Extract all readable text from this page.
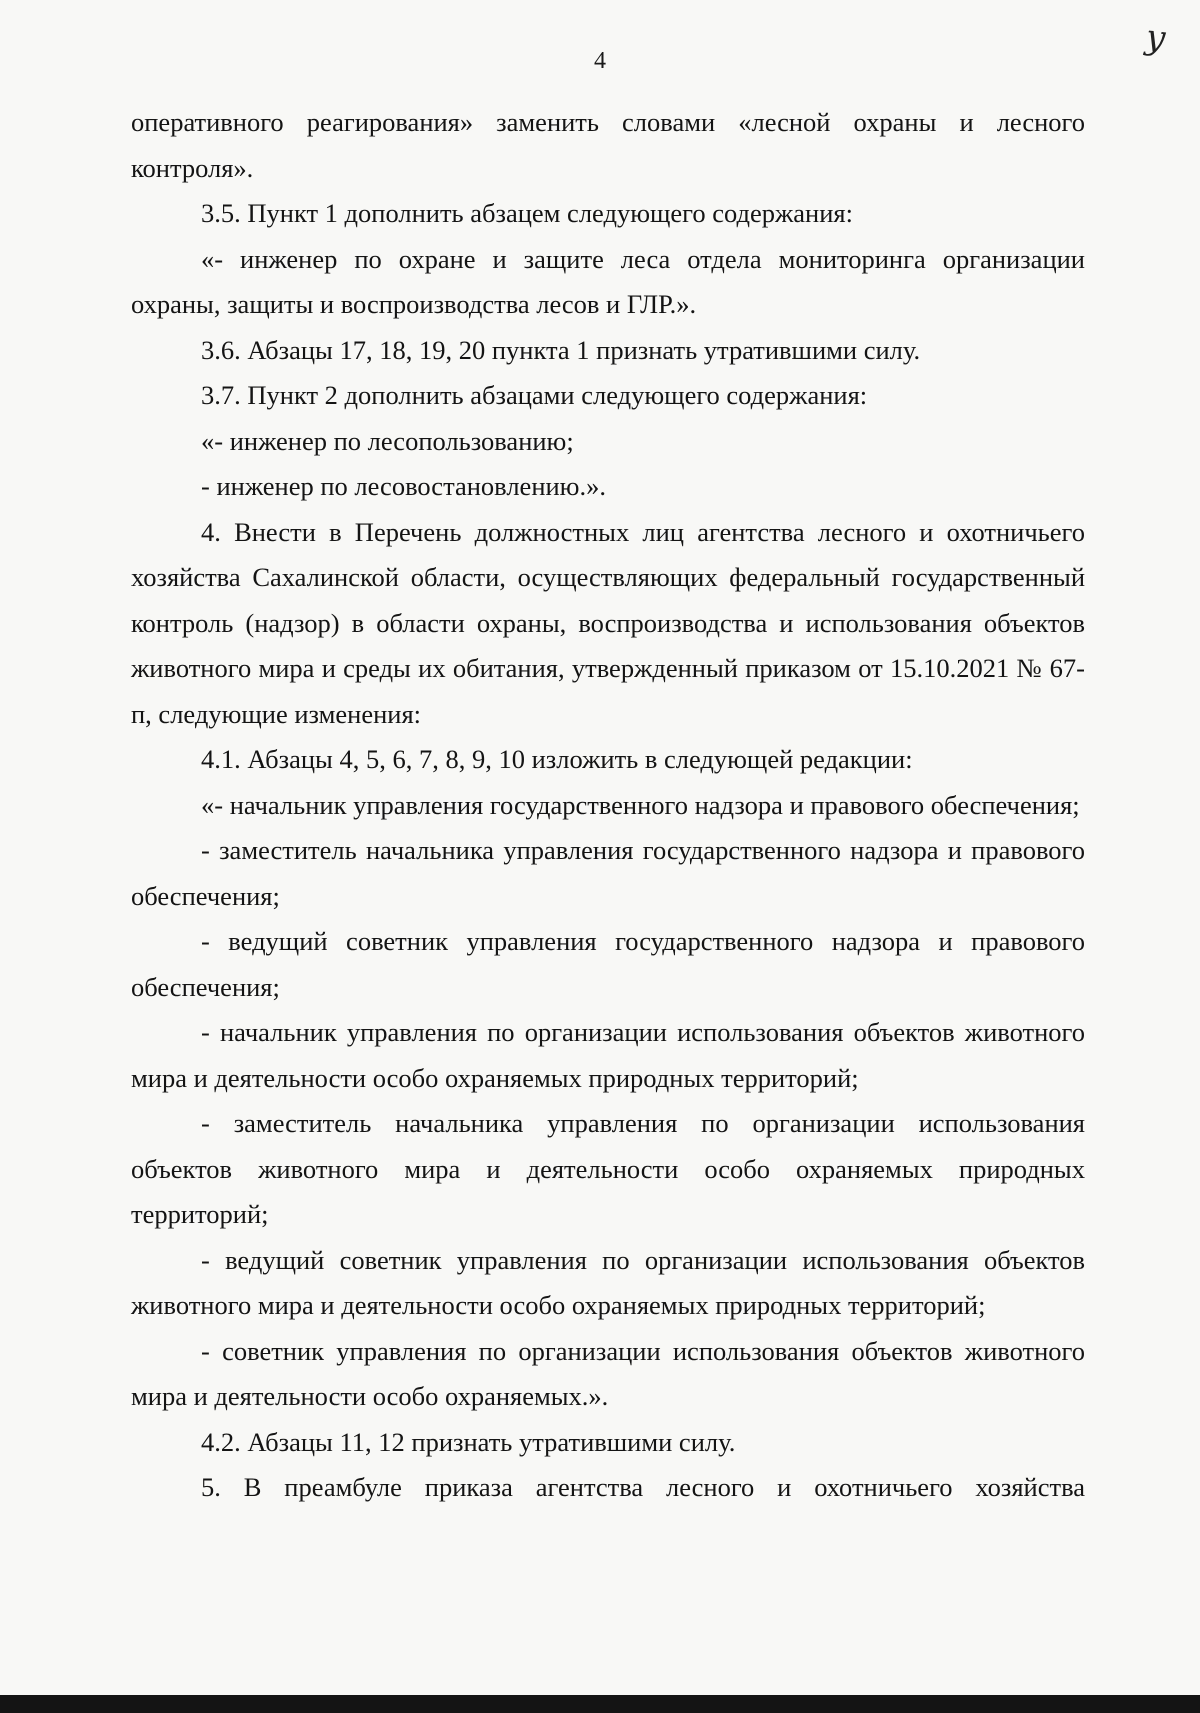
4
у

оперативного реагирования» заменить словами «лесной охраны и лесного контроля».

3.5. Пункт 1 дополнить абзацем следующего содержания:

«- инженер по охране и защите леса отдела мониторинга организации охраны, защиты и воспроизводства лесов и ГЛР.».

3.6. Абзацы 17, 18, 19, 20 пункта 1 признать утратившими силу.

3.7. Пункт 2 дополнить абзацами следующего содержания:

«- инженер по лесопользованию;

- инженер по лесовостановлению.».

4. Внести в Перечень должностных лиц агентства лесного и охотничьего хозяйства Сахалинской области, осуществляющих федеральный государственный контроль (надзор) в области охраны, воспроизводства и использования объектов животного мира и среды их обитания, утвержденный приказом от 15.10.2021 № 67-п, следующие изменения:

4.1. Абзацы 4, 5, 6, 7, 8, 9, 10 изложить в следующей редакции:

«- начальник управления государственного надзора и правового обеспечения;

- заместитель начальника управления государственного надзора и правового обеспечения;

- ведущий советник управления государственного надзора и правового обеспечения;

- начальник управления по организации использования объектов животного мира и деятельности особо охраняемых природных территорий;

- заместитель начальника управления по организации использования объектов животного мира и деятельности особо охраняемых природных территорий;

- ведущий советник управления по организации использования объектов животного мира и деятельности особо охраняемых природных территорий;

- советник управления по организации использования объектов животного мира и деятельности особо охраняемых.».

4.2. Абзацы 11, 12 признать утратившими силу.

5. В преамбуле приказа агентства лесного и охотничьего хозяйства
